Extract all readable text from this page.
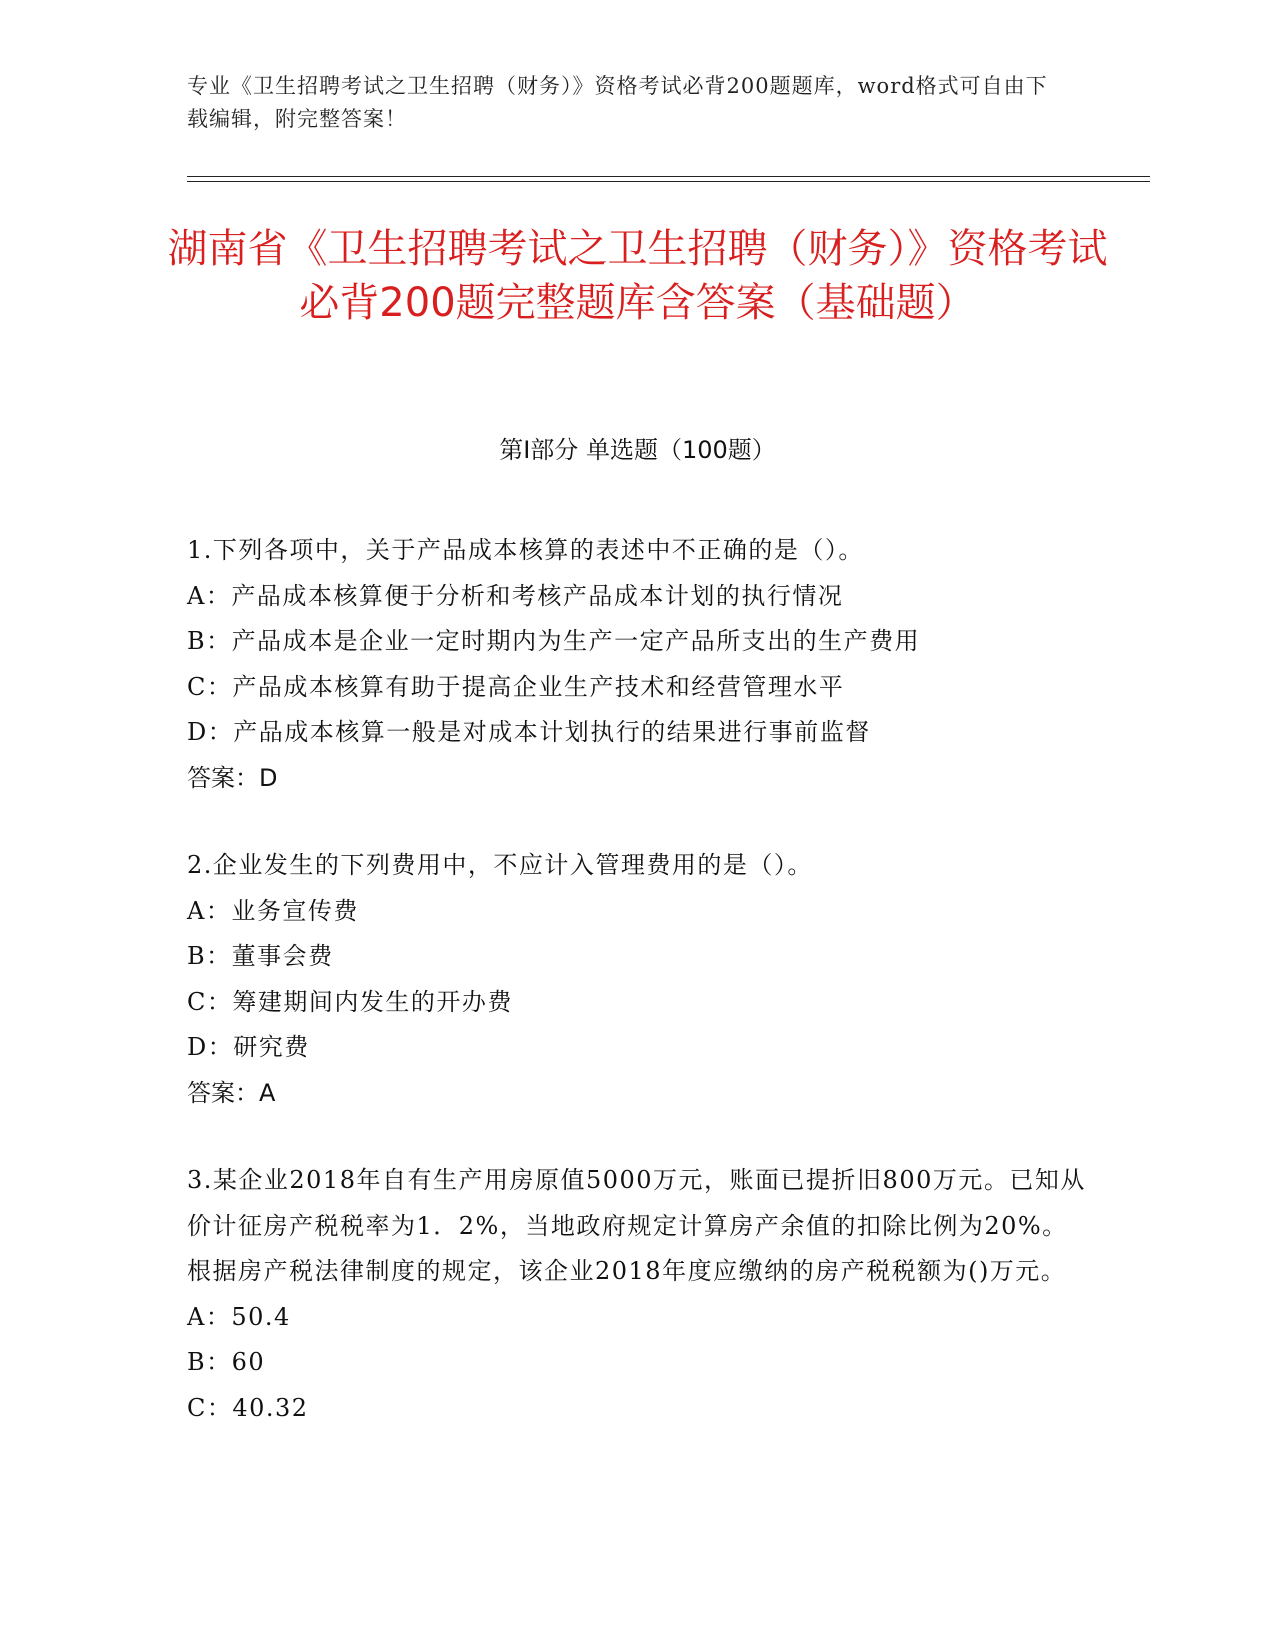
专业《卫生招聘考试之卫生招聘（财务）》资格考试必背200题题库，word格式可自由下载编辑，附完整答案！
湖南省《卫生招聘考试之卫生招聘（财务）》资格考试必背200题完整题库含答案（基础题）
第I部分 单选题（100题）

1.下列各项中，关于产品成本核算的表述中不正确的是（）。

A：产品成本核算便于分析和考核产品成本计划的执行情况

B：产品成本是企业一定时期内为生产一定产品所支出的生产费用

C：产品成本核算有助于提高企业生产技术和经营管理水平

D：产品成本核算一般是对成本计划执行的结果进行事前监督

答案：D

2.企业发生的下列费用中，不应计入管理费用的是（）。

A：业务宣传费

B：董事会费

C：筹建期间内发生的开办费

D：研究费

答案：A

3.某企业2018年自有生产用房原值5000万元，账面已提折旧800万元。已知从价计征房产税税率为1．2%，当地政府规定计算房产余值的扣除比例为20%。根据房产税法律制度的规定，该企业2018年度应缴纳的房产税税额为()万元。

A：50.4

B：60

C：40.32
